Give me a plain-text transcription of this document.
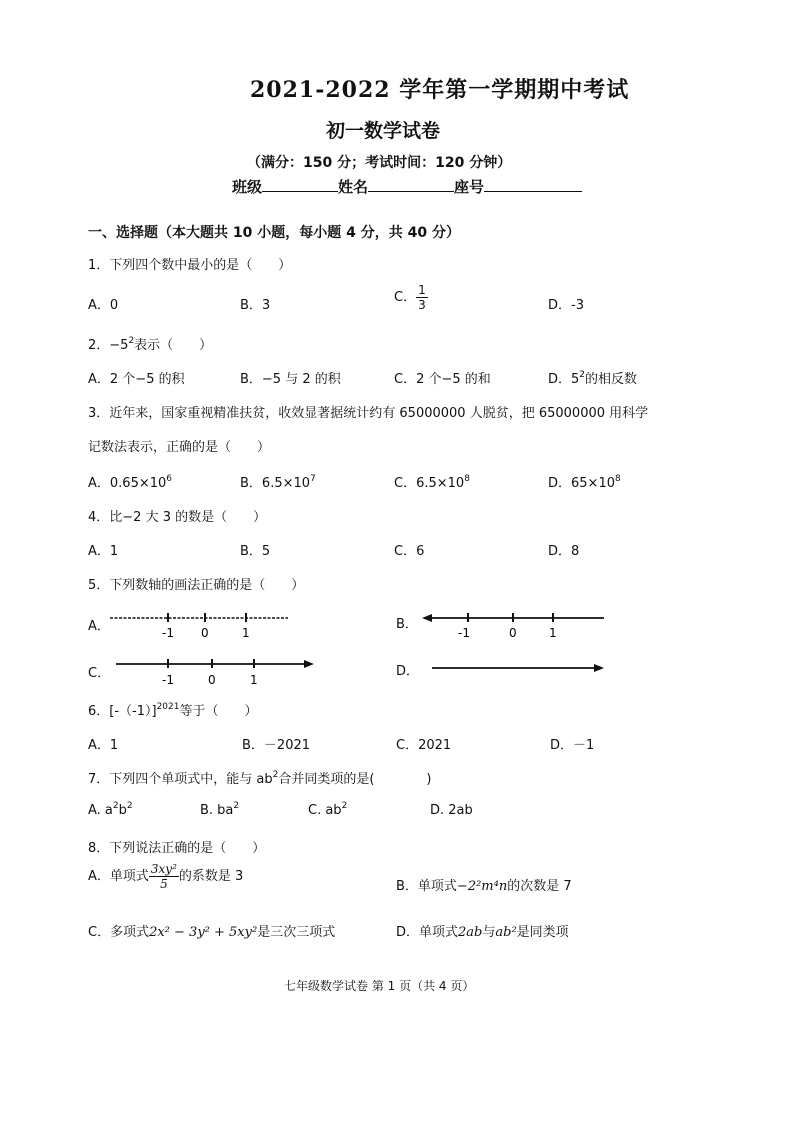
2021-2022 学年第一学期期中考试
初一数学试卷
（满分：150 分；考试时间：120 分钟）
班级	姓名	座号
一、选择题（本大题共 10 小题，每小题 4 分，共 40 分）
1．下列四个数中最小的是（　　）
A．0	B．3
C． $\frac{1}{3}$	D．-3
2．$-5^2$表示（　　）
A．2 个−5 的积	B．−5 与 2 的积	C．2 个−5 的和	D．$5^2$的相反数
3．近年来，国家重视精准扶贫，收效显著据统计约有 65000000 人脱贫，把 65000000 用科学
记数法表示，正确的是（　　）
A．$0.65\times 10^6$	B．$6.5\times 10^7$	C．$6.5\times 10^8$	D．$65\times 10^8$
4．比−2 大 3 的数是（　　）
A．1	B．5	C．6	D．8
5．下列数轴的画法正确的是（　　）
A．	-1 0	1
B．
-1	0	1
C．	-1	0	1
D．
6．$[-(-1)]^{2021}$等于（　　）
A．1	B．－2021	C．2021	D．－1
7．下列四个单项式中，能与 $ab^2$合并同类项的是(　　　　)
A. $a^2b^2$	B. $ba^2$	C. $ab^2$	D. 2ab
8．下列说法正确的是（　　）
A．单项式 $\frac{\text{3xy²}}{5}$ 的系数是 3
B．单项式−2²m⁴n的次数是 7
C．多项式2x² − 3y² + 5xy²是三次三项式	D．单项式2ab与ab²是同类项
七年级数学试卷 第 1 页（共 4 页）
